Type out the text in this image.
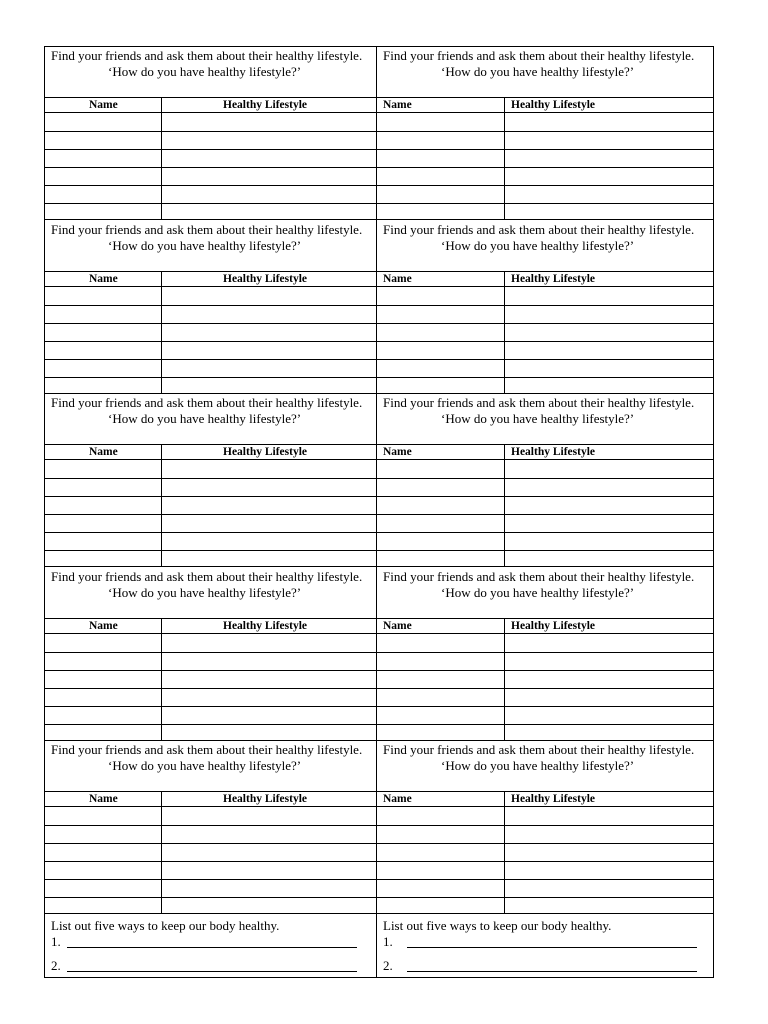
Find your friends and ask them about their healthy lifestyle.
‘How do you have healthy lifestyle?’
Name	Healthy Lifestyle
Find your friends and ask them about their healthy lifestyle.
‘How do you have healthy lifestyle?’
Name	Healthy Lifestyle
Find your friends and ask them about their healthy lifestyle.
‘How do you have healthy lifestyle?’
Name	Healthy Lifestyle
Find your friends and ask them about their healthy lifestyle.
‘How do you have healthy lifestyle?’
Name	Healthy Lifestyle
Find your friends and ask them about their healthy lifestyle.
‘How do you have healthy lifestyle?’
Name	Healthy Lifestyle
Find your friends and ask them about their healthy lifestyle.
‘How do you have healthy lifestyle?’
Name	Healthy Lifestyle
Find your friends and ask them about their healthy lifestyle.
‘How do you have healthy lifestyle?’
Name	Healthy Lifestyle
Find your friends and ask them about their healthy lifestyle.
‘How do you have healthy lifestyle?’
Name	Healthy Lifestyle
Find your friends and ask them about their healthy lifestyle.
‘How do you have healthy lifestyle?’
Name	Healthy Lifestyle
Find your friends and ask them about their healthy lifestyle.
‘How do you have healthy lifestyle?’
Name	Healthy Lifestyle
List out five ways to keep our body healthy.
1.
2.
List out five ways to keep our body healthy.
1.
2.
